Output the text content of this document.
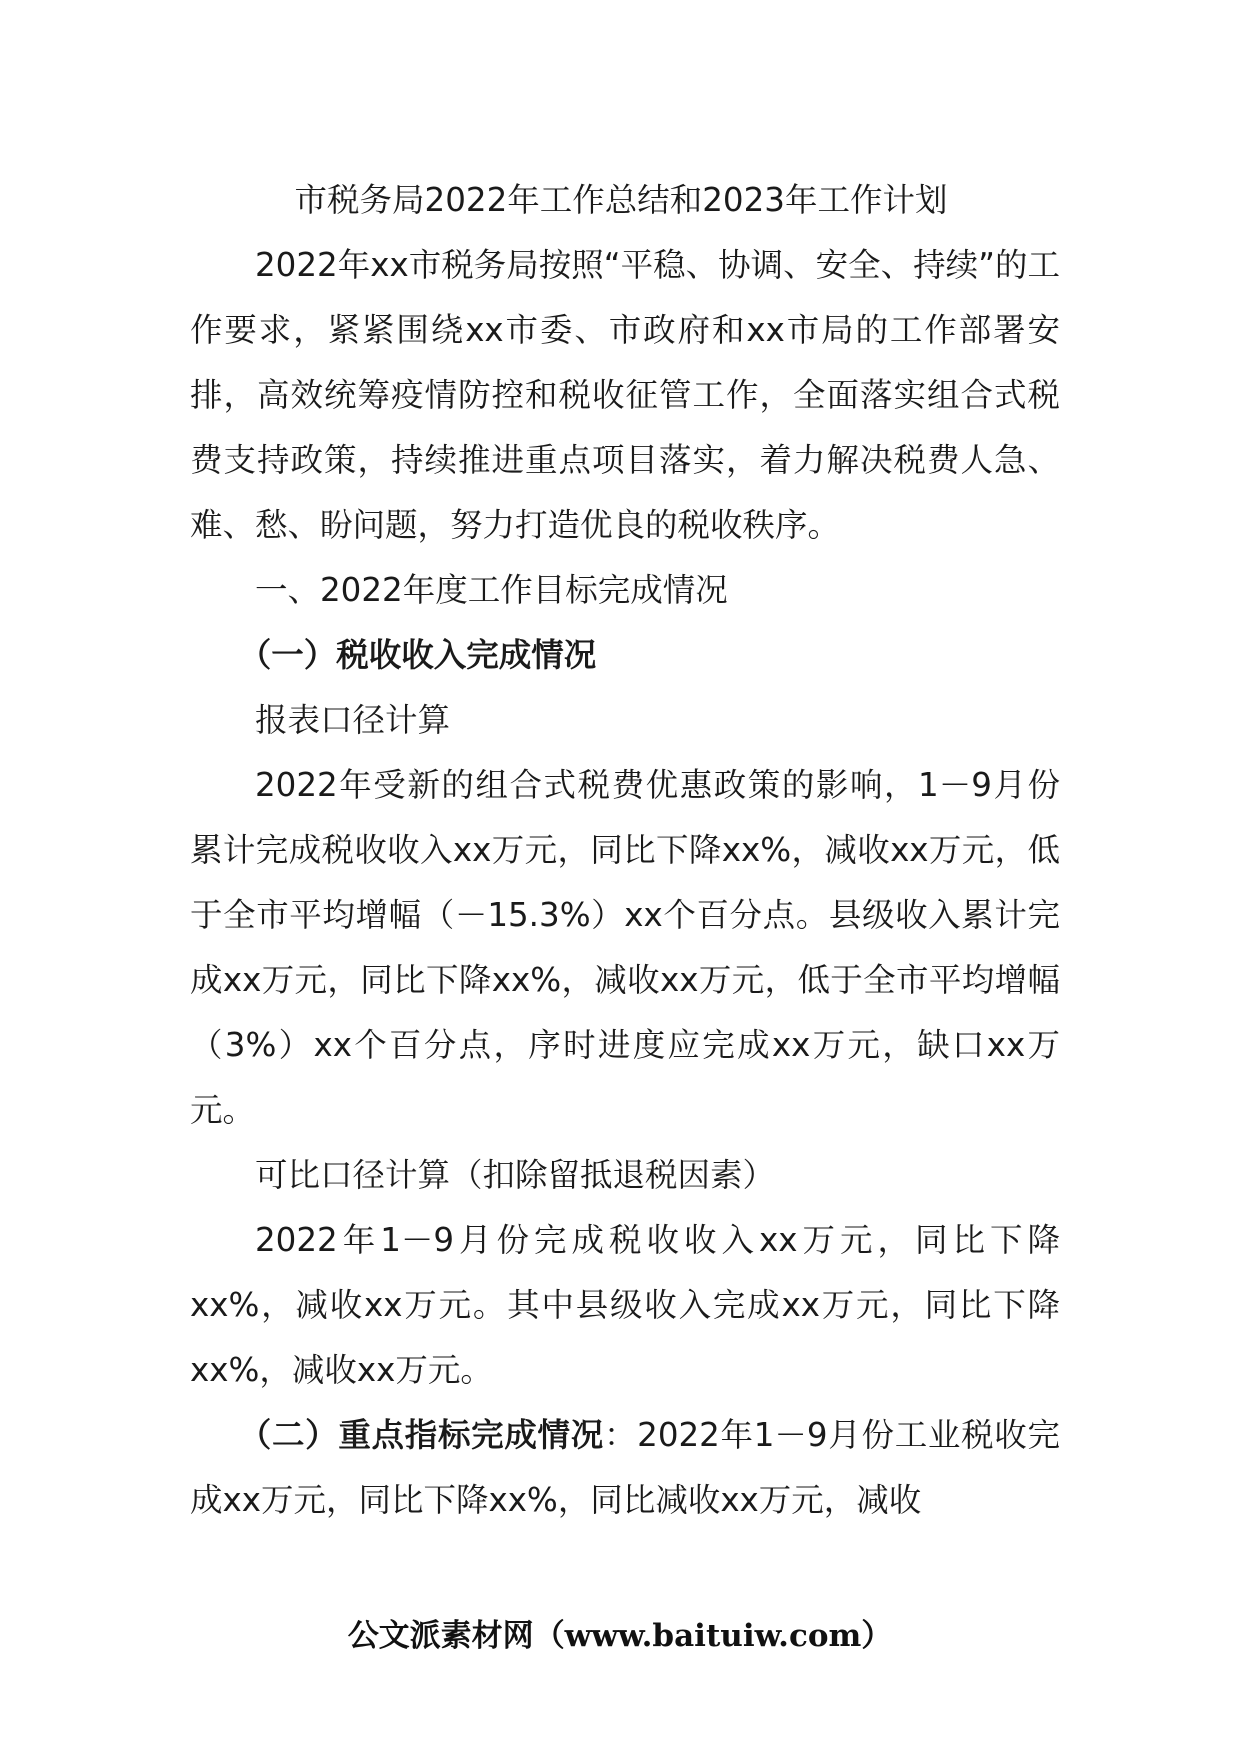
市税务局2022年工作总结和2023年工作计划

2022年xx市税务局按照“平稳、协调、安全、持续”的工作要求，紧紧围绕xx市委、市政府和xx市局的工作部署安排，高效统筹疫情防控和税收征管工作，全面落实组合式税费支持政策，持续推进重点项目落实，着力解决税费人急、难、愁、盼问题，努力打造优良的税收秩序。

一、2022年度工作目标完成情况

（一）税收收入完成情况

报表口径计算

2022年受新的组合式税费优惠政策的影响，1－9月份累计完成税收收入xx万元，同比下降xx%，减收xx万元，低于全市平均增幅（－15.3%）xx个百分点。县级收入累计完成xx万元，同比下降xx%，减收xx万元，低于全市平均增幅（3%）xx个百分点，序时进度应完成xx万元，缺口xx万元。

可比口径计算（扣除留抵退税因素）

2022年1－9月份完成税收收入xx万元，同比下降xx%，减收xx万元。其中县级收入完成xx万元，同比下降xx%，减收xx万元。

（二）重点指标完成情况：2022年1－9月份工业税收完成xx万元，同比下降xx%，同比减收xx万元，减收

公文派素材网（www.baituiw.com）
